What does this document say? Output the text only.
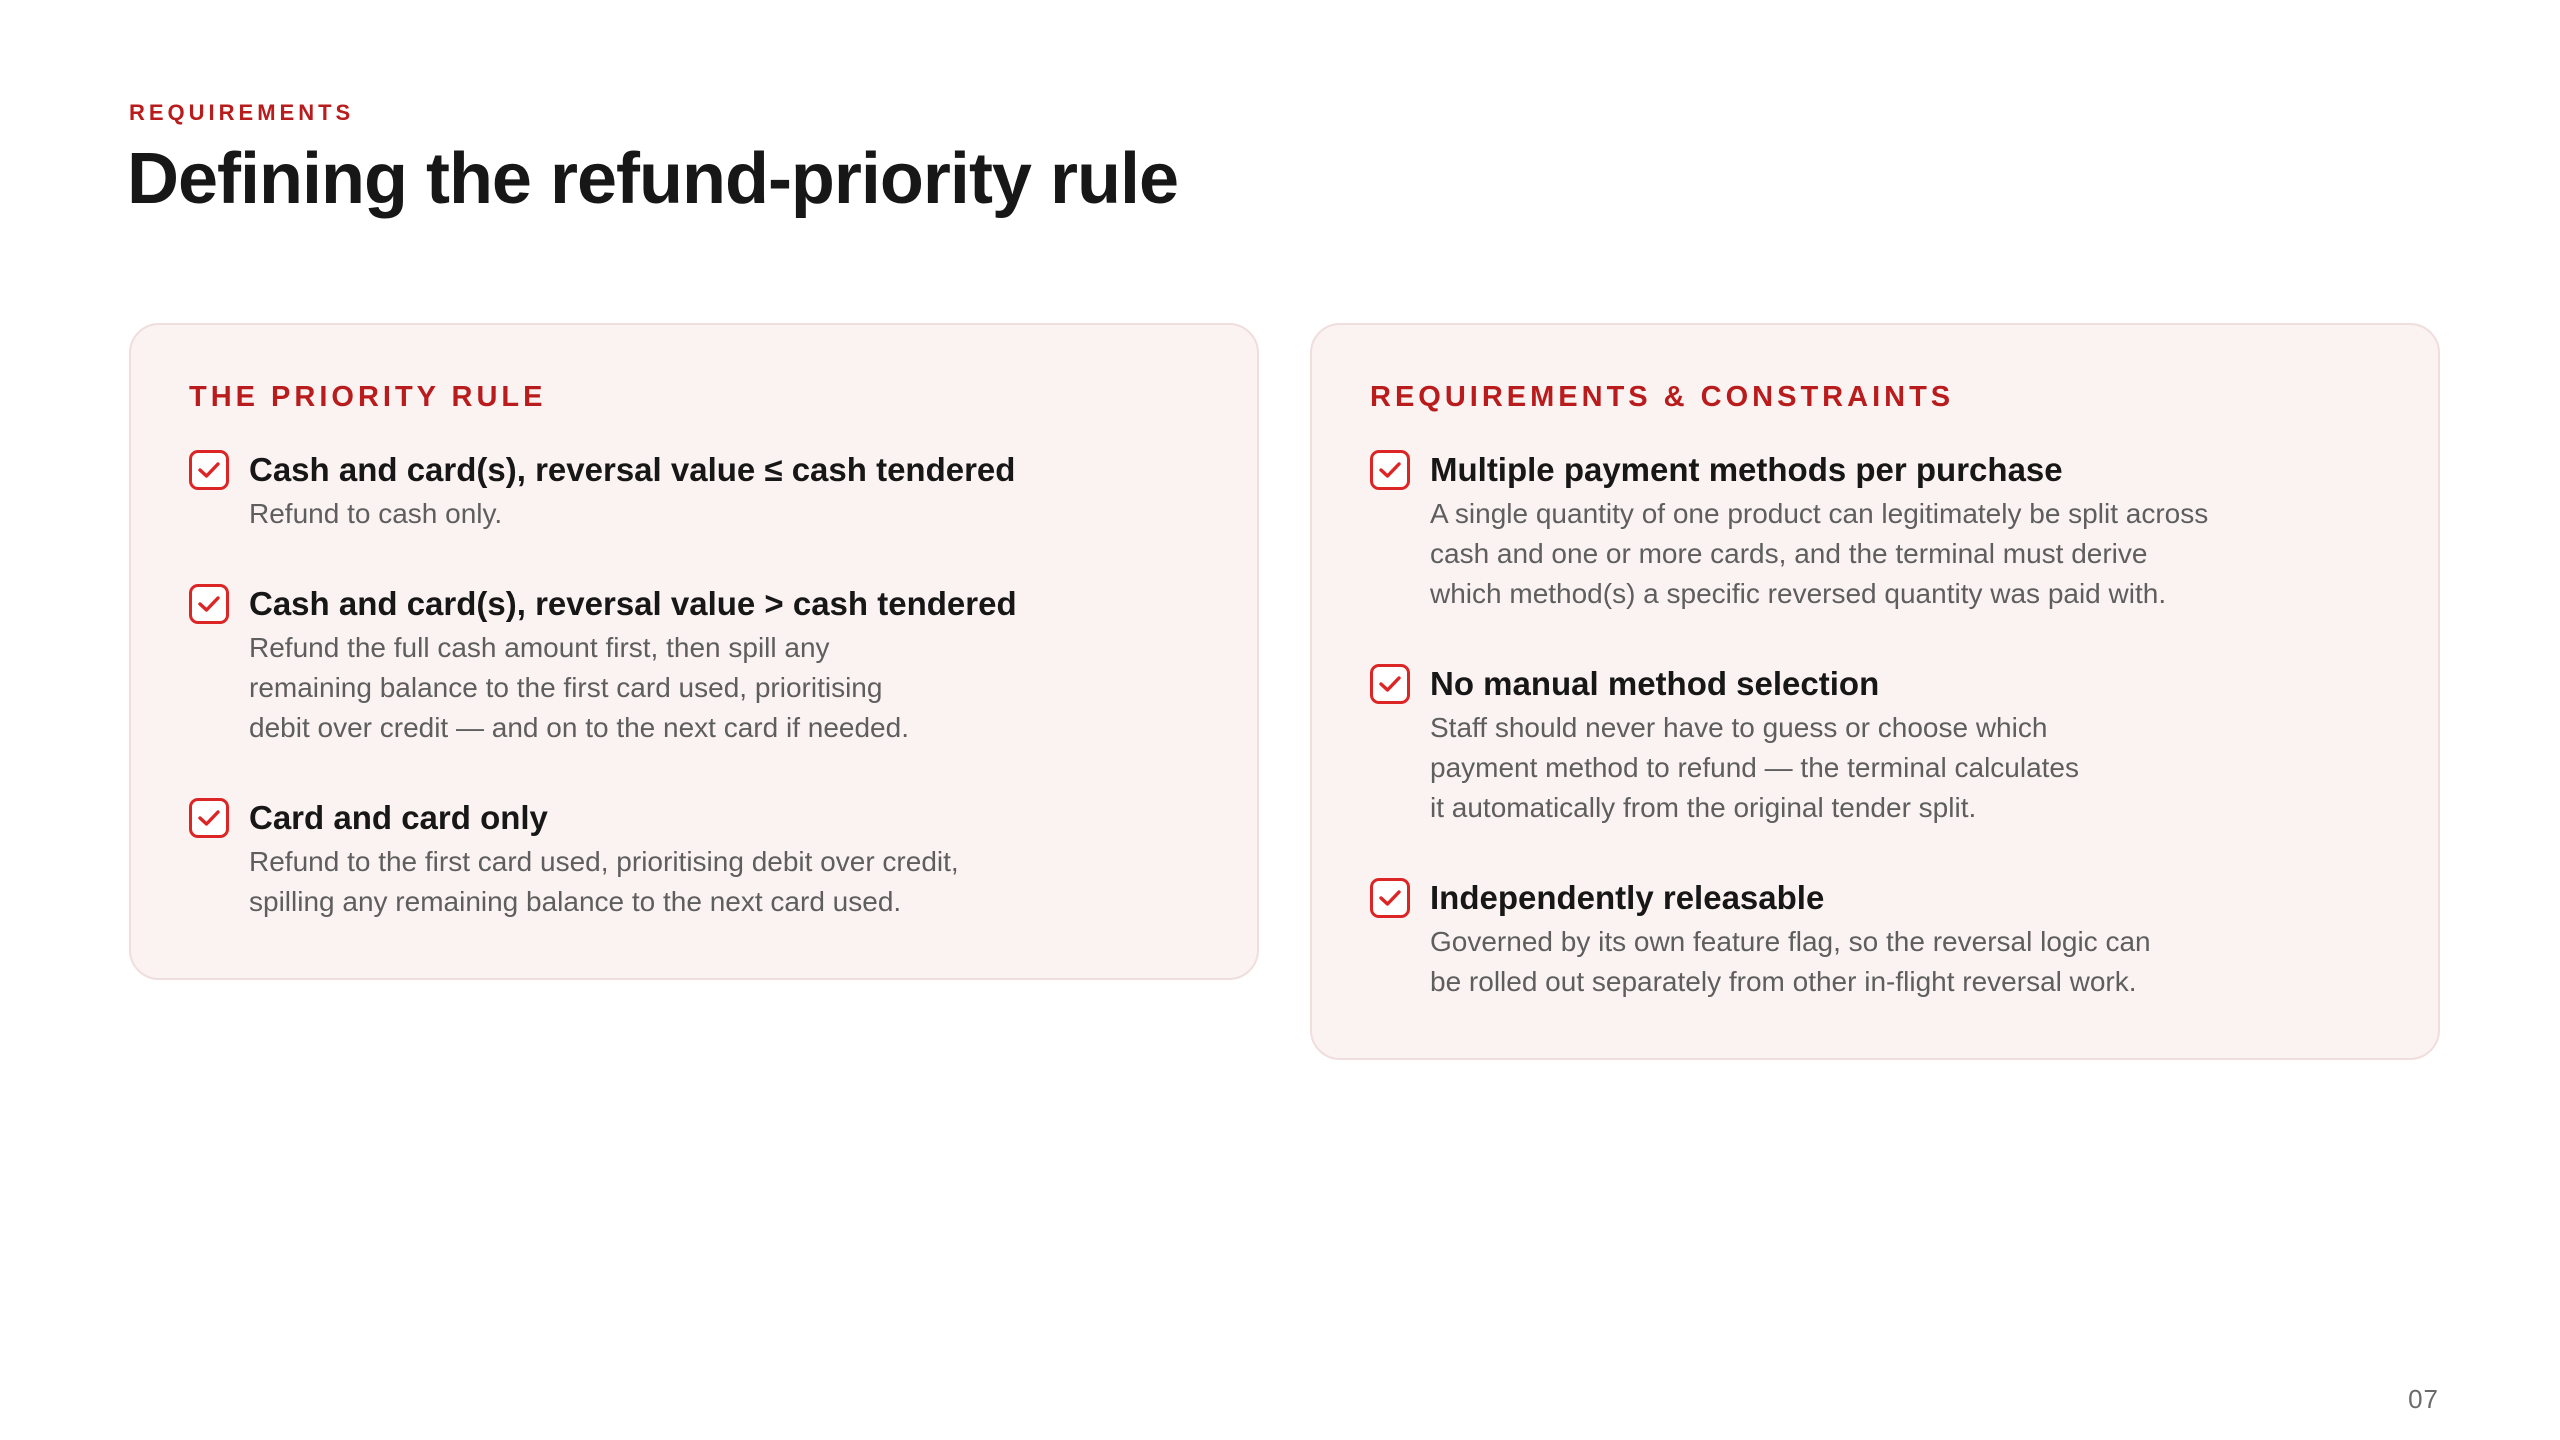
REQUIREMENTS
Defining the refund-priority rule
THE PRIORITY RULE
Cash and card(s), reversal value ≤ cash tendered
Refund to cash only.
Cash and card(s), reversal value > cash tendered
Refund the full cash amount first, then spill any
remaining balance to the first card used, prioritising
debit over credit — and on to the next card if needed.
Card and card only
Refund to the first card used, prioritising debit over credit,
spilling any remaining balance to the next card used.
REQUIREMENTS & CONSTRAINTS
Multiple payment methods per purchase
A single quantity of one product can legitimately be split across
cash and one or more cards, and the terminal must derive
which method(s) a specific reversed quantity was paid with.
No manual method selection
Staff should never have to guess or choose which
payment method to refund — the terminal calculates
it automatically from the original tender split.
Independently releasable
Governed by its own feature flag, so the reversal logic can
be rolled out separately from other in-flight reversal work.
07
